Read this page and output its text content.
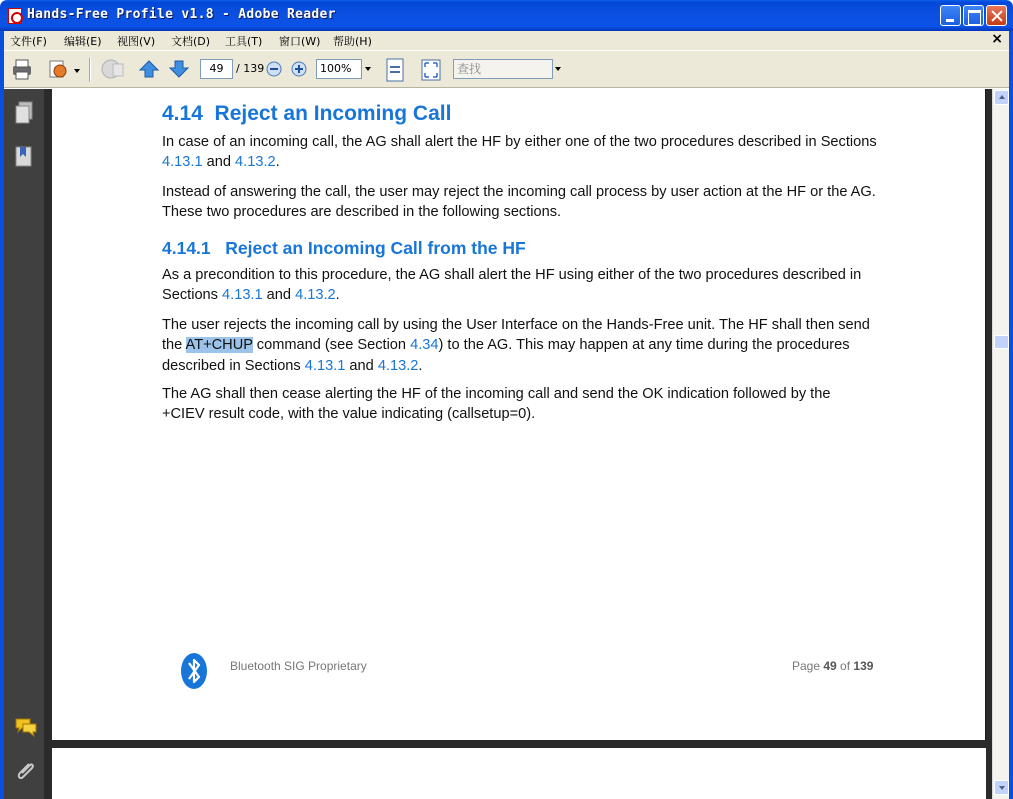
Hands-Free Profile v1.8 - Adobe Reader
文件(F) 编辑(E) 视图(V) 文档(D) 工具(T) 窗口(W) 帮助(H)	×
49	/ 139	100%	查找
4.14 Reject an Incoming Call
In case of an incoming call, the AG shall alert the HF by either one of the two procedures described in Sections 4.13.1 and 4.13.2.
Instead of answering the call, the user may reject the incoming call process by user action at the HF or the AG. These two procedures are described in the following sections.
4.14.1 Reject an Incoming Call from the HF
As a precondition to this procedure, the AG shall alert the HF using either of the two procedures described in Sections 4.13.1 and 4.13.2.
The user rejects the incoming call by using the User Interface on the Hands-Free unit. The HF shall then send the AT+CHUP command (see Section 4.34) to the AG. This may happen at any time during the procedures described in Sections 4.13.1 and 4.13.2.
The AG shall then cease alerting the HF of the incoming call and send the OK indication followed by the +CIEV result code, with the value indicating (callsetup=0).
Bluetooth SIG Proprietary	Page 49 of 139
